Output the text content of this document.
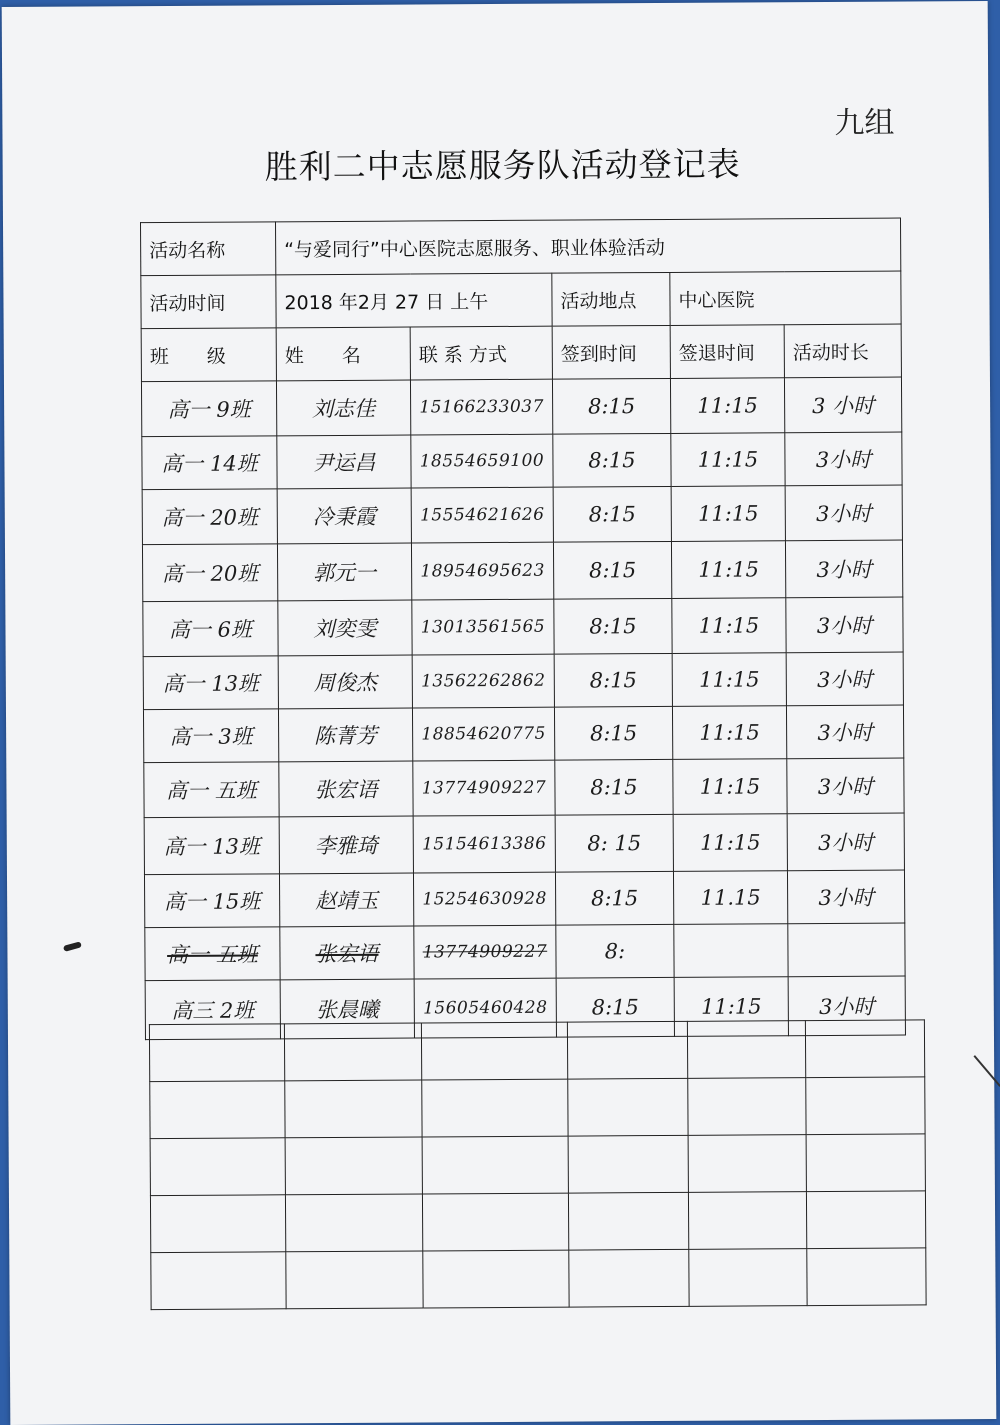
九组
胜利二中志愿服务队活动登记表
活动名称	“与爱同行”中心医院志愿服务、职业体验活动				
活动时间	2018 年2月 27 日 上午		活动地点	中心医院	
班　　级	姓　　名	联 系 方式	签到时间	签退时间	活动时长
高一 9班	刘志佳	15166233037	8:15	11:15	3 小时
高一 14班	尹运昌	18554659100	8:15	11:15	3小时
高一 20班	冷秉霞	15554621626	8:15	11:15	3小时
高一 20班	郭元一	18954695623	8:15	11:15	3小时
高一 6班	刘奕雯	13013561565	8:15	11:15	3小时
高一 13班	周俊杰	13562262862	8:15	11:15	3小时
高一 3班	陈菁芳	18854620775	8:15	11:15	3小时
高一 五班	张宏语	13774909227	8:15	11:15	3小时
高一 13班	李雅琦	15154613386	8: 15	11:15	3小时
高一 15班	赵靖玉	15254630928	8:15	11.15	3小时
高一 五班	张宏语	13774909227	8:		
高三 2班	张晨曦	15605460428	8:15	11:15	3小时
